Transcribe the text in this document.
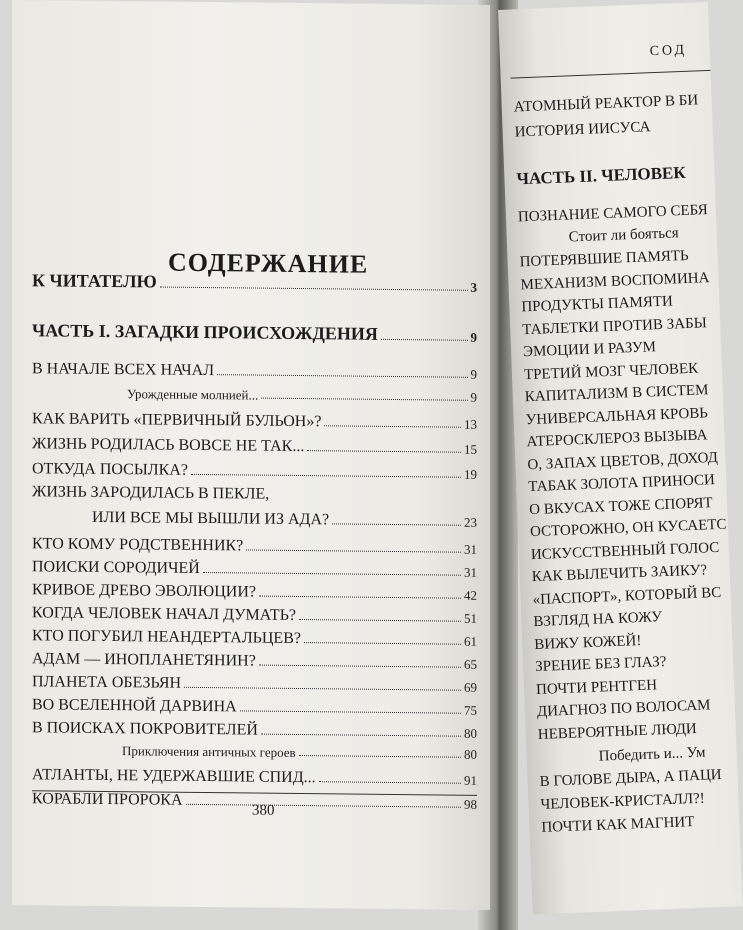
СОДЕРЖАНИЕ
К ЧИТАТЕЛЮ	3
ЧАСТЬ I. ЗАГАДКИ ПРОИСХОЖДЕНИЯ	9
В НАЧАЛЕ ВСЕХ НАЧАЛ	9
Урожденные молнией...	9
КАК ВАРИТЬ «ПЕРВИЧНЫЙ БУЛЬОН»?	13
ЖИЗНЬ РОДИЛАСЬ ВОВСЕ НЕ ТАК...	15
ОТКУДА ПОСЫЛКА?	19
ЖИЗНЬ ЗАРОДИЛАСЬ В ПЕКЛЕ,
ИЛИ ВСЕ МЫ ВЫШЛИ ИЗ АДА?	23
КТО КОМУ РОДСТВЕННИК?	31
ПОИСКИ СОРОДИЧЕЙ	31
КРИВОЕ ДРЕВО ЭВОЛЮЦИИ?	42
КОГДА ЧЕЛОВЕК НАЧАЛ ДУМАТЬ?	51
КТО ПОГУБИЛ НЕАНДЕРТАЛЬЦЕВ?	61
АДАМ — ИНОПЛАНЕТЯНИН?	65
ПЛАНЕТА ОБЕЗЬЯН	69
ВО ВСЕЛЕННОЙ ДАРВИНА	75
В ПОИСКАХ ПОКРОВИТЕЛЕЙ	80
Приключения античных героев	80
АТЛАНТЫ, НЕ УДЕРЖАВШИЕ СПИД...	91
КОРАБЛИ ПРОРОКА	98
380
СОД
АТОМНЫЙ РЕАКТОР В БИ
ИСТОРИЯ ИИСУСА
ЧАСТЬ II. ЧЕЛОВЕК
ПОЗНАНИЕ САМОГО СЕБЯ
Стоит ли бояться
ПОТЕРЯВШИЕ ПАМЯТЬ
МЕХАНИЗМ ВОСПОМИНА
ПРОДУКТЫ ПАМЯТИ
ТАБЛЕТКИ ПРОТИВ ЗАБЫ
ЭМОЦИИ И РАЗУМ
ТРЕТИЙ МОЗГ ЧЕЛОВЕК
КАПИТАЛИЗМ В СИСТЕМ
УНИВЕРСАЛЬНАЯ КРОВЬ
АТЕРОСКЛЕРОЗ ВЫЗЫВА
О, ЗАПАХ ЦВЕТОВ, ДОХОД
ТАБАК ЗОЛОТА ПРИНОСИ
О ВКУСАХ ТОЖЕ СПОРЯТ
ОСТОРОЖНО, ОН КУСАЕТС
ИСКУССТВЕННЫЙ ГОЛОС
КАК ВЫЛЕЧИТЬ ЗАИКУ?
«ПАСПОРТ», КОТОРЫЙ ВС
ВЗГЛЯД НА КОЖУ
ВИЖУ КОЖЕЙ!
ЗРЕНИЕ БЕЗ ГЛАЗ?
ПОЧТИ РЕНТГЕН
ДИАГНОЗ ПО ВОЛОСАМ
НЕВЕРОЯТНЫЕ ЛЮДИ
Победить и... Ум
В ГОЛОВЕ ДЫРА, А ПАЦИ
ЧЕЛОВЕК-КРИСТАЛЛ?!
ПОЧТИ КАК МАГНИТ
